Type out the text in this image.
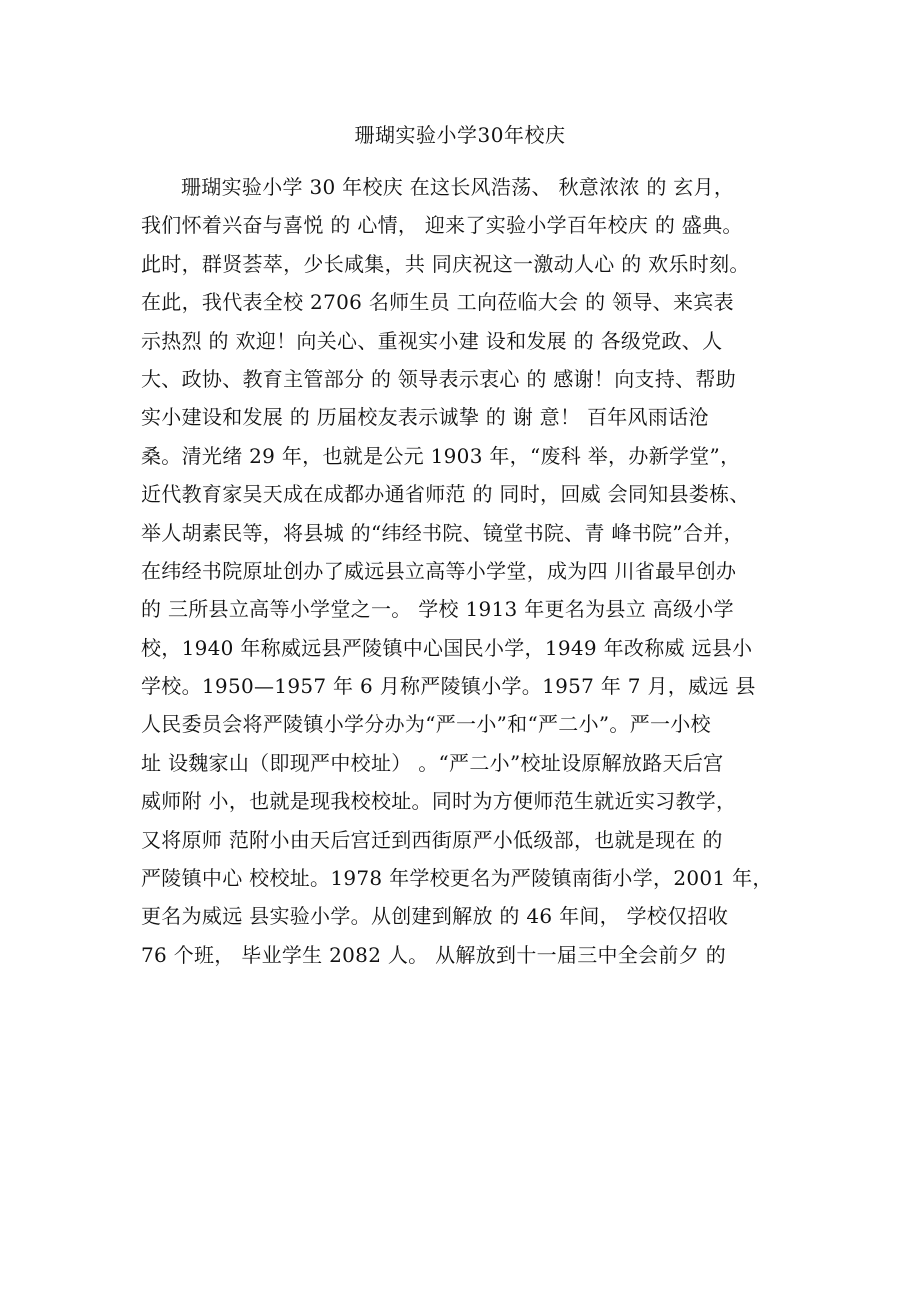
珊瑚实验小学30年校庆
珊瑚实验小学 30 年校庆 在这长风浩荡、 秋意浓浓 的 玄月，
我们怀着兴奋与喜悦 的 心情， 迎来了实验小学百年校庆 的 盛典。
此时，群贤荟萃，少长咸集，共 同庆祝这一激动人心 的 欢乐时刻。
在此，我代表全校 2706 名师生员 工向莅临大会 的 领导、来宾表
示热烈 的 欢迎！向关心、重视实小建 设和发展 的 各级党政、人
大、政协、教育主管部分 的 领导表示衷心 的 感谢！向支持、帮助
实小建设和发展 的 历届校友表示诚挚 的 谢 意！ 百年风雨话沧
桑。清光绪 29 年，也就是公元 1903 年，“废科 举，办新学堂”，
近代教育家吴天成在成都办通省师范 的 同时，回威 会同知县娄栋、
举人胡素民等，将县城 的“纬经书院、镜堂书院、青 峰书院”合并，
在纬经书院原址创办了威远县立高等小学堂，成为四 川省最早创办
的 三所县立高等小学堂之一。 学校 1913 年更名为县立 高级小学
校，1940 年称威远县严陵镇中心国民小学，1949 年改称威 远县小
学校。1950—1957 年 6 月称严陵镇小学。1957 年 7 月，威远 县
人民委员会将严陵镇小学分办为“严一小”和“严二小”。严一小校
址 设魏家山（即现严中校址） 。“严二小”校址设原解放路天后宫
威师附 小，也就是现我校校址。同时为方便师范生就近实习教学，
又将原师 范附小由天后宫迁到西街原严小低级部，也就是现在 的
严陵镇中心 校校址。1978 年学校更名为严陵镇南街小学，2001 年，
更名为威远 县实验小学。从创建到解放 的 46 年间， 学校仅招收
76 个班， 毕业学生 2082 人。 从解放到十一届三中全会前夕 的
